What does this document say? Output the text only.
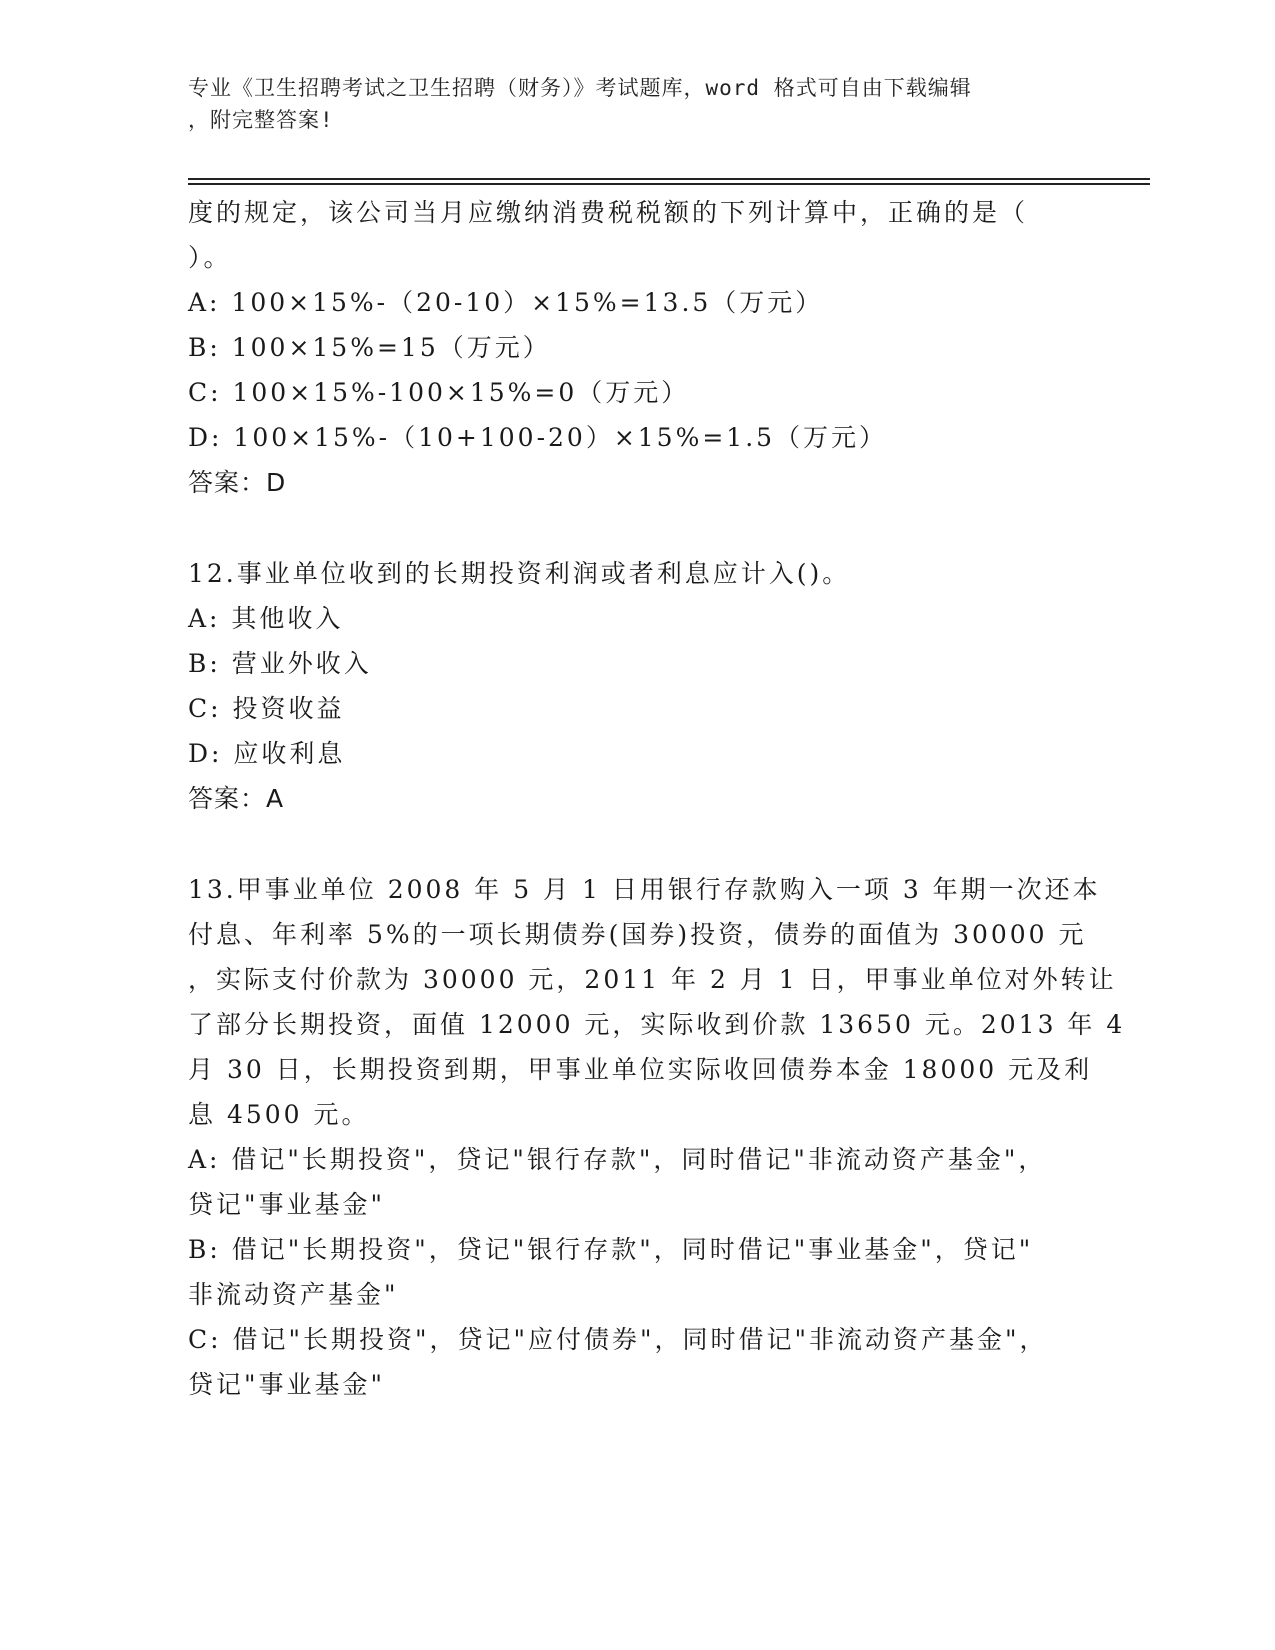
专业《卫生招聘考试之卫生招聘（财务）》考试题库，word 格式可自由下载编辑
，附完整答案!
度的规定，该公司当月应缴纳消费税税额的下列计算中，正确的是（
）。
A: 100×15%-（20-10）×15%=13.5（万元）
B: 100×15%=15（万元）
C: 100×15%-100×15%=0（万元）
D: 100×15%-（10+100-20）×15%=1.5（万元）
答案：D
12.事业单位收到的长期投资利润或者利息应计入()。
A: 其他收入
B: 营业外收入
C: 投资收益
D: 应收利息
答案：A
13.甲事业单位 2008 年 5 月 1 日用银行存款购入一项 3 年期一次还本
付息、年利率 5%的一项长期债券(国券)投资，债券的面值为 30000 元
，实际支付价款为 30000 元，2011 年 2 月 1 日，甲事业单位对外转让
了部分长期投资，面值 12000 元，实际收到价款 13650 元。2013 年 4
月 30 日，长期投资到期，甲事业单位实际收回债券本金 18000 元及利
息 4500 元。
A: 借记"长期投资"，贷记"银行存款"，同时借记"非流动资产基金"，
贷记"事业基金"
B: 借记"长期投资"，贷记"银行存款"，同时借记"事业基金"，贷记"
非流动资产基金"
C: 借记"长期投资"，贷记"应付债券"，同时借记"非流动资产基金"，
贷记"事业基金"
